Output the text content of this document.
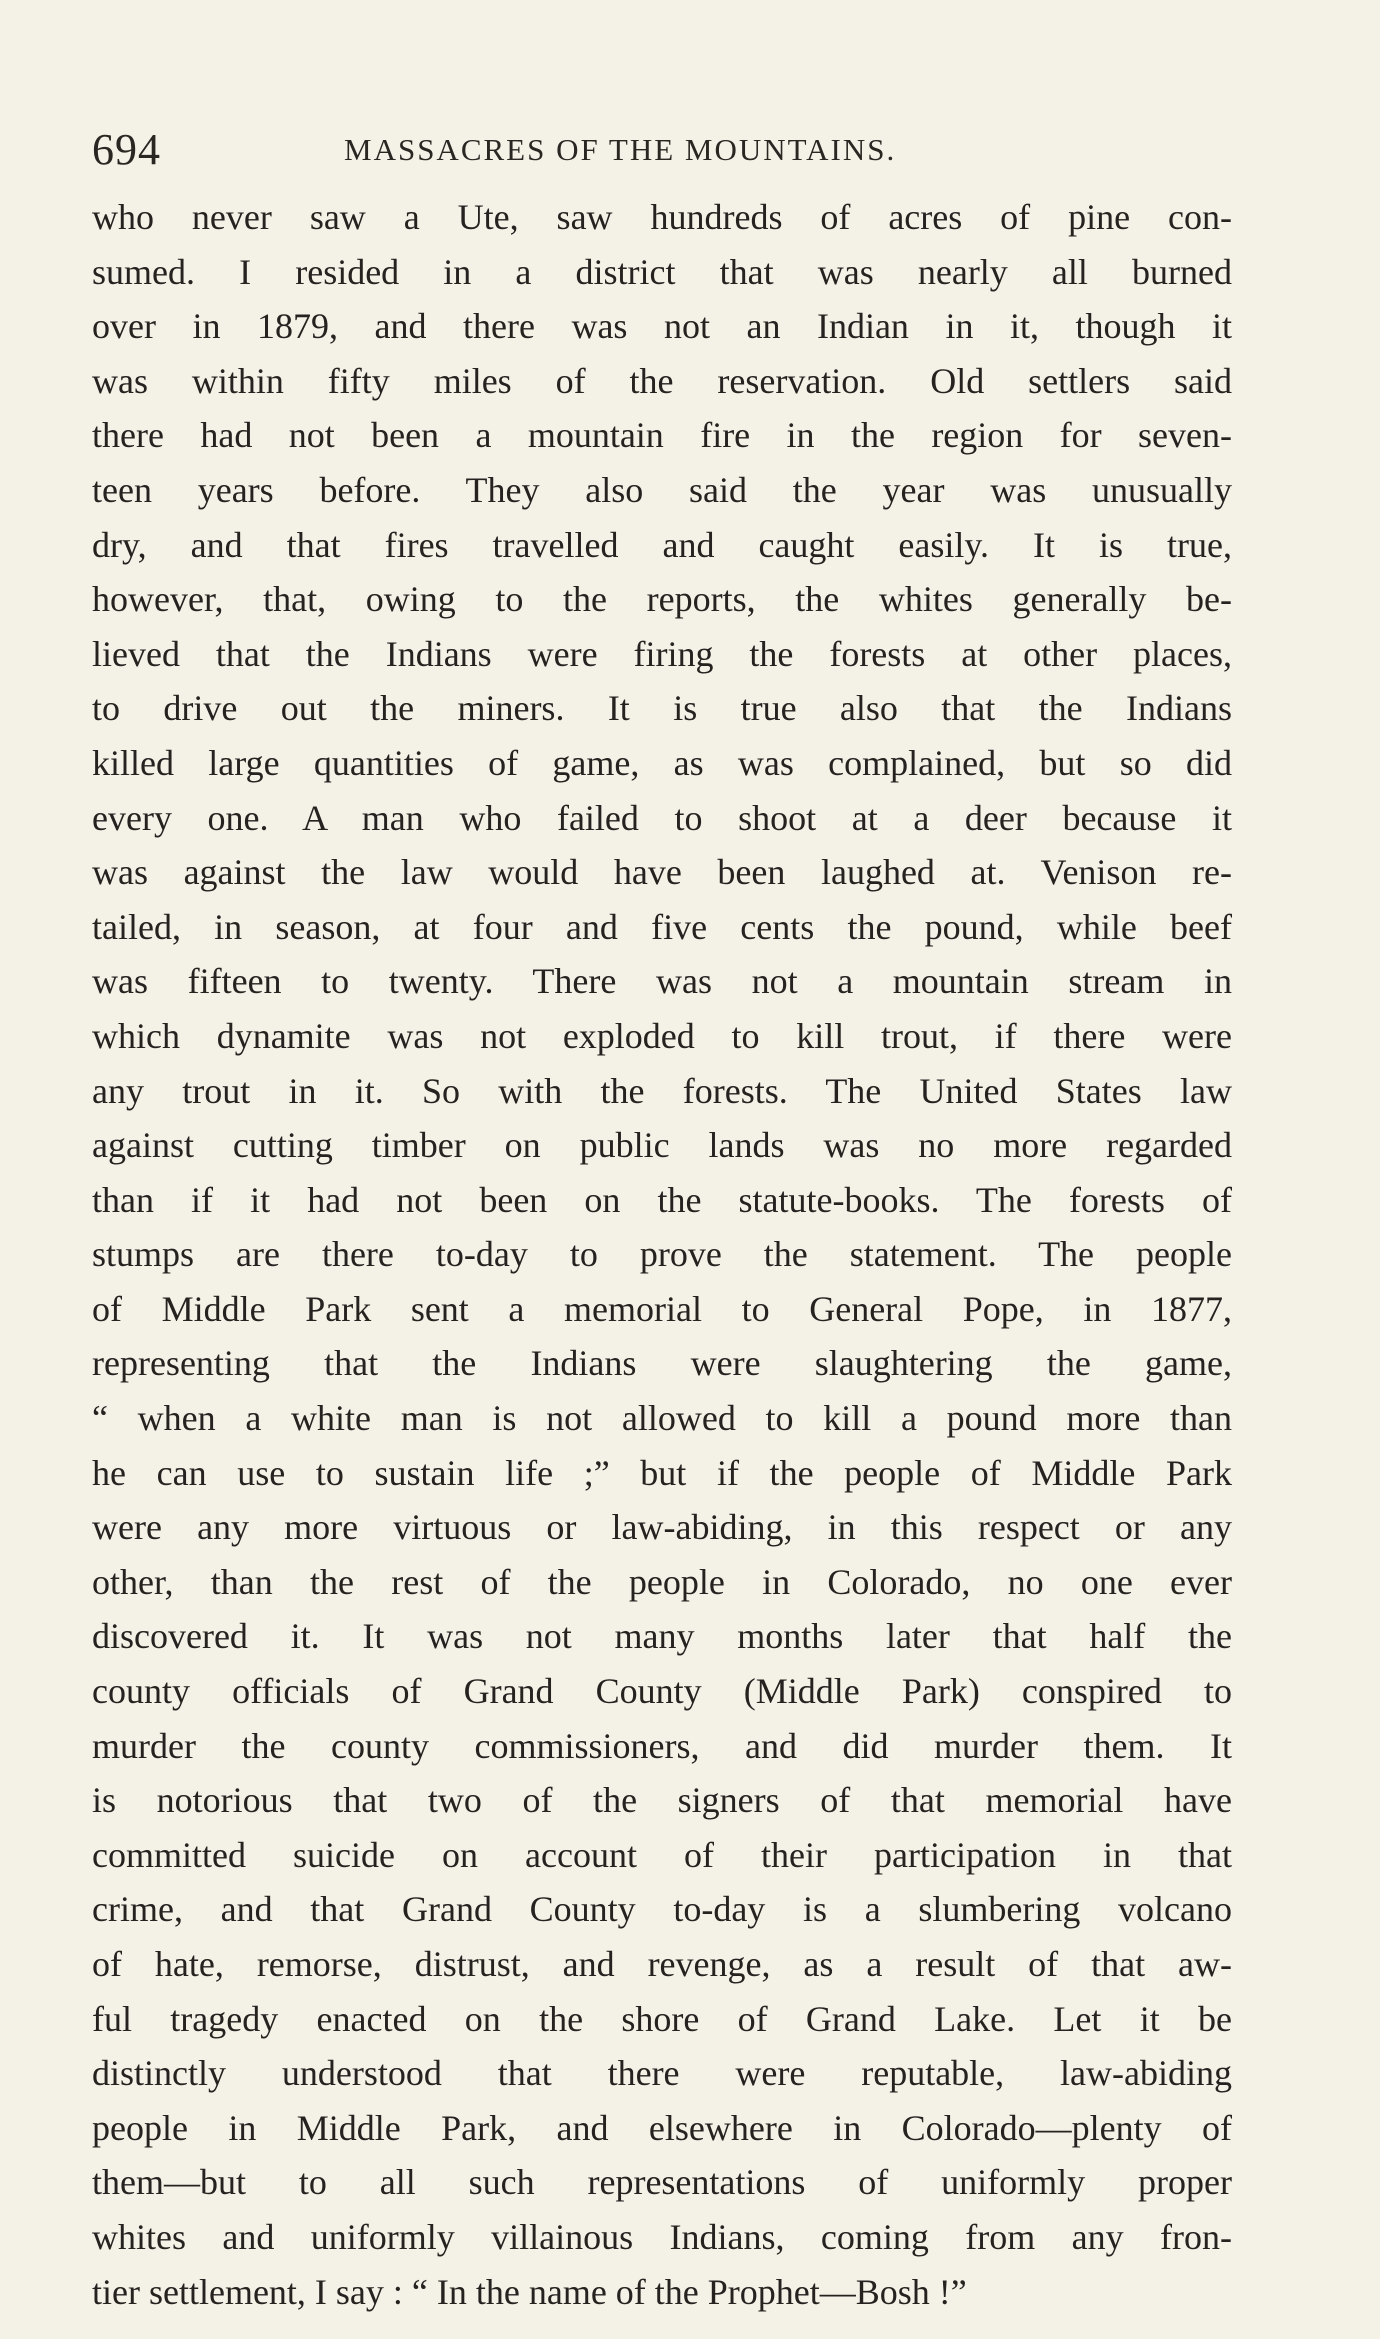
694	MASSACRES OF THE MOUNTAINS.
who never saw a Ute, saw hundreds of acres of pine con-
sumed. I resided in a district that was nearly all burned
over in 1879, and there was not an Indian in it, though it
was within fifty miles of the reservation. Old settlers said
there had not been a mountain fire in the region for seven-
teen years before. They also said the year was unusually
dry, and that fires travelled and caught easily. It is true,
however, that, owing to the reports, the whites generally be-
lieved that the Indians were firing the forests at other places,
to drive out the miners. It is true also that the Indians
killed large quantities of game, as was complained, but so did
every one. A man who failed to shoot at a deer because it
was against the law would have been laughed at. Venison re-
tailed, in season, at four and five cents the pound, while beef
was fifteen to twenty. There was not a mountain stream in
which dynamite was not exploded to kill trout, if there were
any trout in it. So with the forests. The United States law
against cutting timber on public lands was no more regarded
than if it had not been on the statute-books. The forests of
stumps are there to-day to prove the statement. The people
of Middle Park sent a memorial to General Pope, in 1877,
representing that the Indians were slaughtering the game,
“ when a white man is not allowed to kill a pound more than
he can use to sustain life ;” but if the people of Middle Park
were any more virtuous or law-abiding, in this respect or any
other, than the rest of the people in Colorado, no one ever
discovered it. It was not many months later that half the
county officials of Grand County (Middle Park) conspired to
murder the county commissioners, and did murder them. It
is notorious that two of the signers of that memorial have
committed suicide on account of their participation in that
crime, and that Grand County to-day is a slumbering volcano
of hate, remorse, distrust, and revenge, as a result of that aw-
ful tragedy enacted on the shore of Grand Lake. Let it be
distinctly understood that there were reputable, law-abiding
people in Middle Park, and elsewhere in Colorado—plenty of
them—but to all such representations of uniformly proper
whites and uniformly villainous Indians, coming from any fron-
tier settlement, I say : “ In the name of the Prophet—Bosh !”
